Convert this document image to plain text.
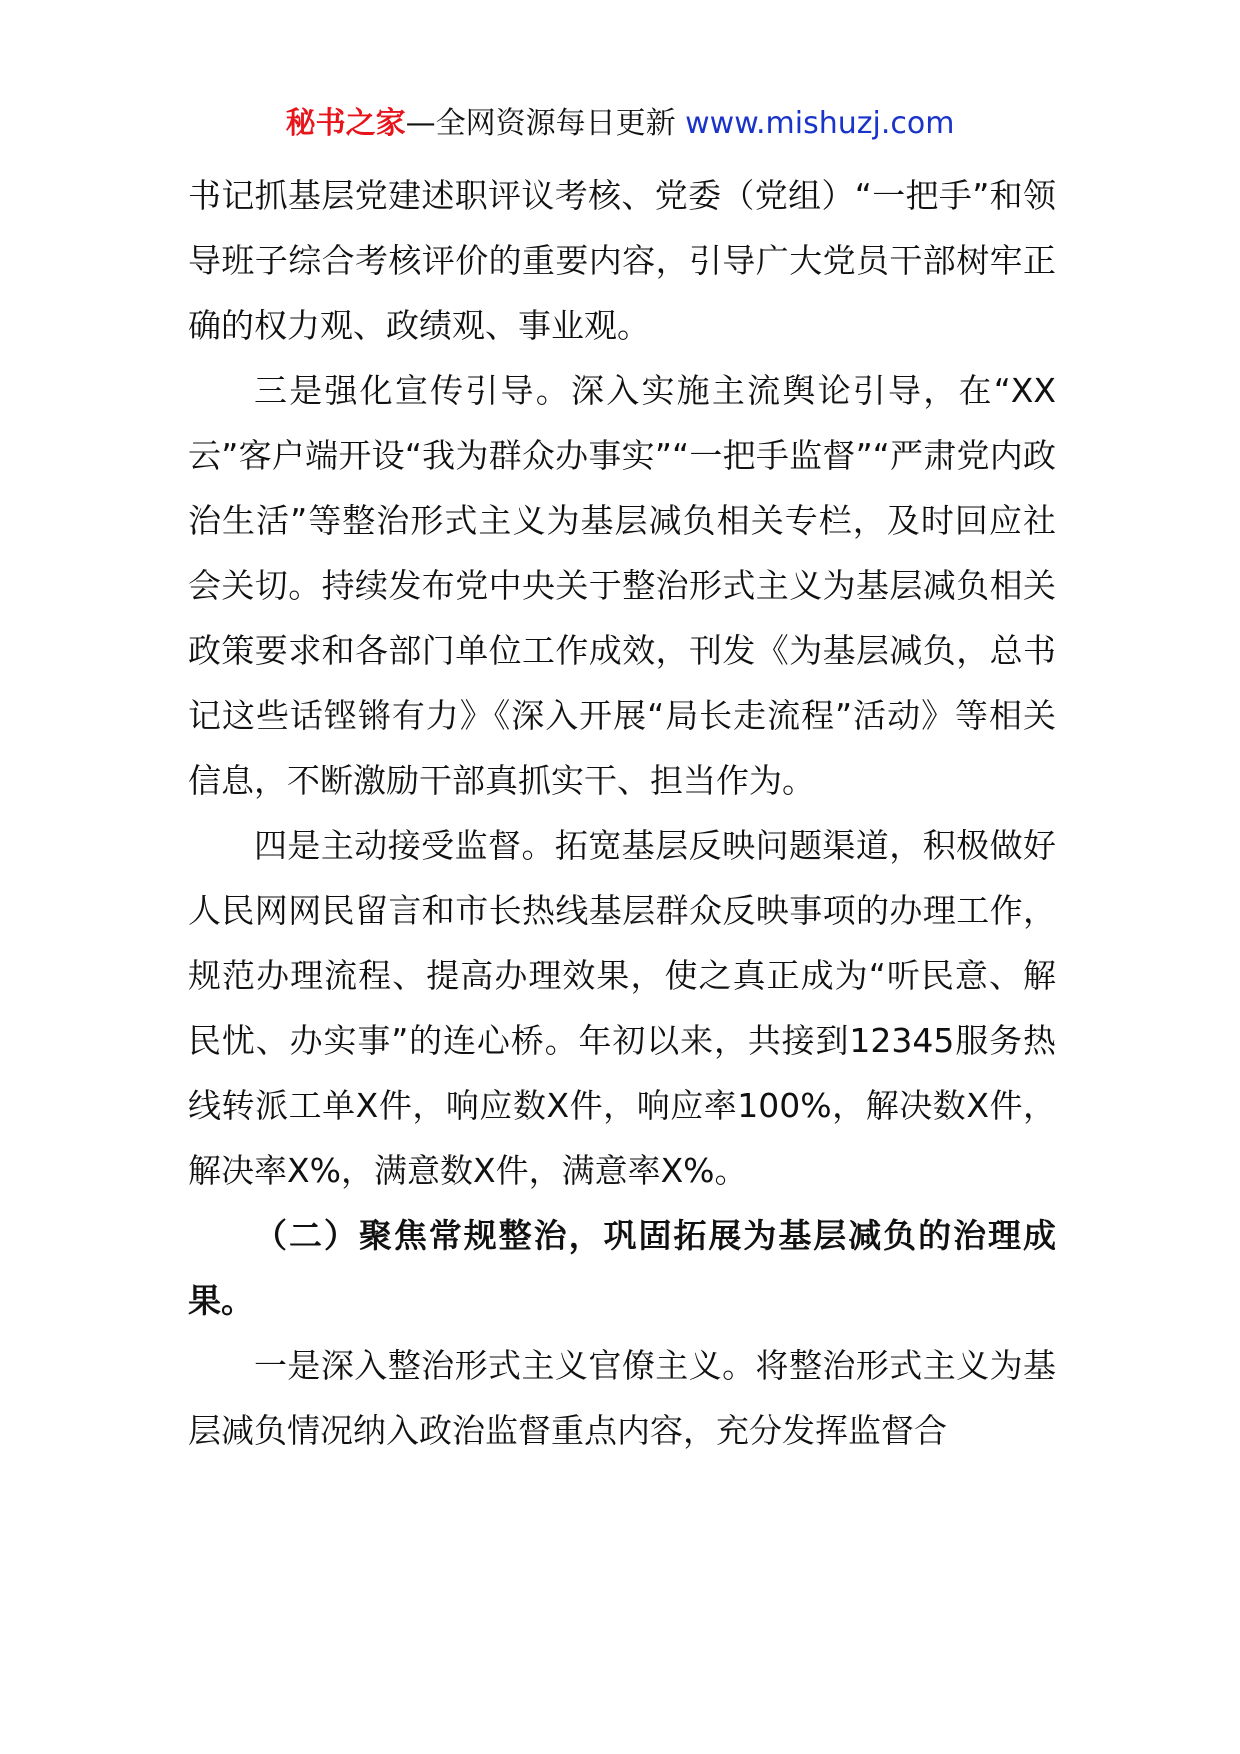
秘书之家—全网资源每日更新 www.mishuzj.com

书记抓基层党建述职评议考核、党委（党组）“一把手”和领导班子综合考核评价的重要内容，引导广大党员干部树牢正确的权力观、政绩观、事业观。

三是强化宣传引导。深入实施主流舆论引导，在“XX云”客户端开设“我为群众办事实”“一把手监督”“严肃党内政治生活”等整治形式主义为基层减负相关专栏，及时回应社会关切。持续发布党中央关于整治形式主义为基层减负相关政策要求和各部门单位工作成效，刊发《为基层减负，总书记这些话铿锵有力》《深入开展“局长走流程”活动》等相关信息，不断激励干部真抓实干、担当作为。

四是主动接受监督。拓宽基层反映问题渠道，积极做好人民网网民留言和市长热线基层群众反映事项的办理工作，规范办理流程、提高办理效果，使之真正成为“听民意、解民忧、办实事”的连心桥。年初以来，共接到12345服务热线转派工单X件，响应数X件，响应率100%，解决数X件，解决率X%，满意数X件，满意率X%。

（二）聚焦常规整治，巩固拓展为基层减负的治理成果。

一是深入整治形式主义官僚主义。将整治形式主义为基层减负情况纳入政治监督重点内容，充分发挥监督合
